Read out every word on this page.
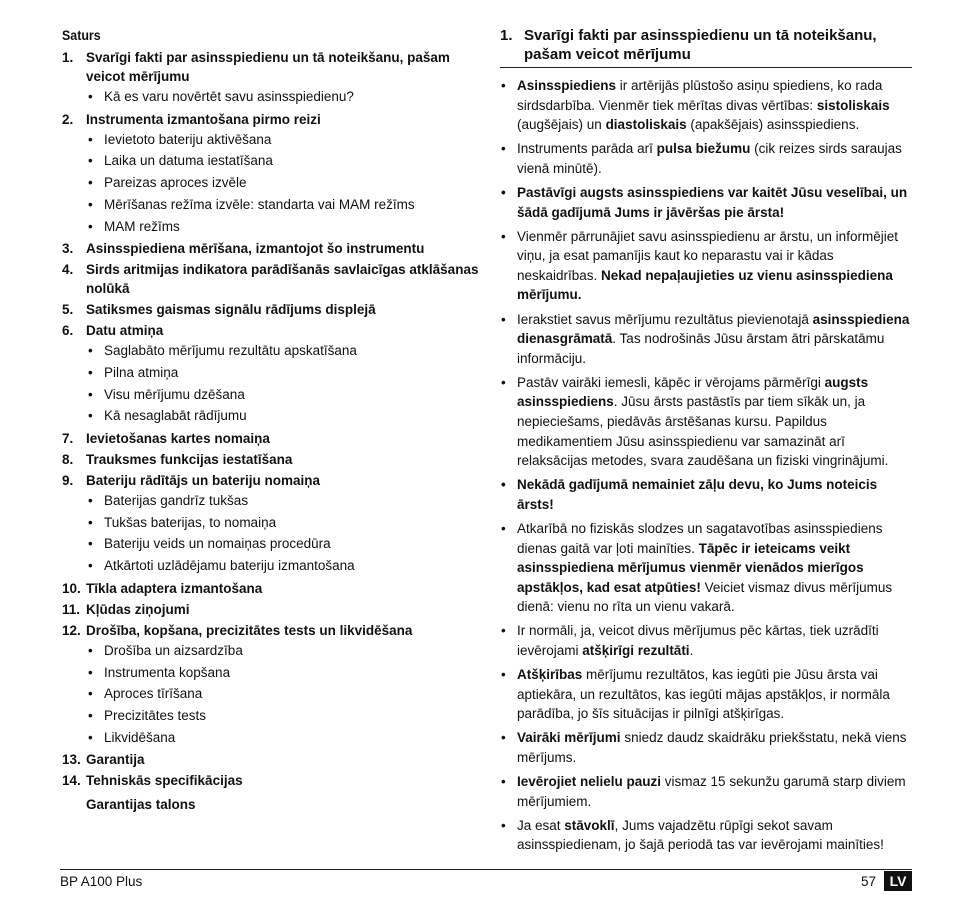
Saturs
1. Svarīgi fakti par asinsspiedienu un tā noteikšanu, pašam veicot mērījumu
• Kā es varu novērtēt savu asinsspiedienu?
2. Instrumenta izmantošana pirmo reizi
• Ievietoto bateriju aktivēšana
• Laika un datuma iestatīšana
• Pareizas aproces izvēle
• Mērīšanas režīma izvēle: standarta vai MAM režīms
• MAM režīms
3. Asinsspiediena mērīšana, izmantojot šo instrumentu
4. Sirds aritmijas indikatora parādīšanās savlaicīgas atklāšanas nolūkā
5. Satiksmes gaismas signālu rādījums displejā
6. Datu atmiņa
• Saglabāto mērījumu rezultātu apskatīšana
• Pilna atmiņa
• Visu mērījumu dzēšana
• Kā nesaglabāt rādījumu
7. Ievietošanas kartes nomaiņa
8. Trauksmes funkcijas iestatīšana
9. Bateriju rādītājs un bateriju nomaiņa
• Baterijas gandrīz tukšas
• Tukšas baterijas, to nomaiņa
• Bateriju veids un nomaiņas procedūra
• Atkārtoti uzlādējamu bateriju izmantošana
10. Tīkla adaptera izmantošana
11. Kļūdas ziņojumi
12. Drošība, kopšana, precizitātes tests un likvidēšana
• Drošība un aizsardzība
• Instrumenta kopšana
• Aproces tīrīšana
• Precizitātes tests
• Likvidēšana
13. Garantija
14. Tehniskās specifikācijas
Garantijas talons
1. Svarīgi fakti par asinsspiedienu un tā noteikšanu, pašam veicot mērījumu
• Asinsspiediens ir artērijās plūstošo asiņu spiediens, ko rada sirdsdarbība. Vienmēr tiek mērītas divas vērtības: sistoliskais (augšējais) un diastoliskais (apakšējais) asinsspiediens.
• Instruments parāda arī pulsa biežumu (cik reizes sirds saraujas vienā minūtē).
• Pastāvīgi augsts asinsspiediens var kaitēt Jūsu veselībai, un šādā gadījumā Jums ir jāvēršas pie ārsta!
• Vienmēr pārrunājiet savu asinsspiedienu ar ārstu, un informējiet viņu, ja esat pamanījis kaut ko neparastu vai ir kādas neskaidrības. Nekad nepaļaujieties uz vienu asinsspiediena mērījumu.
• Ierakstiet savus mērījumu rezultātus pievienotajā asinsspiediena dienasgrāmatā. Tas nodrošinās Jūsu ārstam ātri pārskatāmu informāciju.
• Pastāv vairāki iemesli, kāpēc ir vērojams pārmērīgi augsts asinsspiediens. Jūsu ārsts pastāstīs par tiem sīkāk un, ja nepieciešams, piedāvās ārstēšanas kursu. Papildus medikamentiem Jūsu asinsspiedienu var samazināt arī relaksācijas metodes, svara zaudēšana un fiziski vingrinājumi.
• Nekādā gadījumā nemainiet zāļu devu, ko Jums noteicis ārsts!
• Atkarībā no fiziskās slodzes un sagatavotības asinsspiediens dienas gaitā var ļoti mainīties. Tāpēc ir ieteicams veikt asinsspiediena mērījumus vienmēr vienādos mierīgos apstākļos, kad esat atpūties! Veiciet vismaz divus mērījumus dienā: vienu no rīta un vienu vakarā.
• Ir normāli, ja, veicot divus mērījumus pēc kārtas, tiek uzrādīti ievērojami atšķirīgi rezultāti.
• Atšķirības mērījumu rezultātos, kas iegūti pie Jūsu ārsta vai aptiekāra, un rezultātos, kas iegūti mājas apstākļos, ir normāla parādība, jo šīs situācijas ir pilnīgi atšķirīgas.
• Vairāki mērījumi sniedz daudz skaidrāku priekšstatu, nekā viens mērījums.
• Ievērojiet nelielu pauzi vismaz 15 sekunžu garumā starp diviem mērījumiem.
• Ja esat stāvoklī, Jums vajadzētu rūpīgi sekot savam asinsspiedienam, jo šajā periodā tas var ievērojami mainīties!
BP A100 Plus	57 LV
